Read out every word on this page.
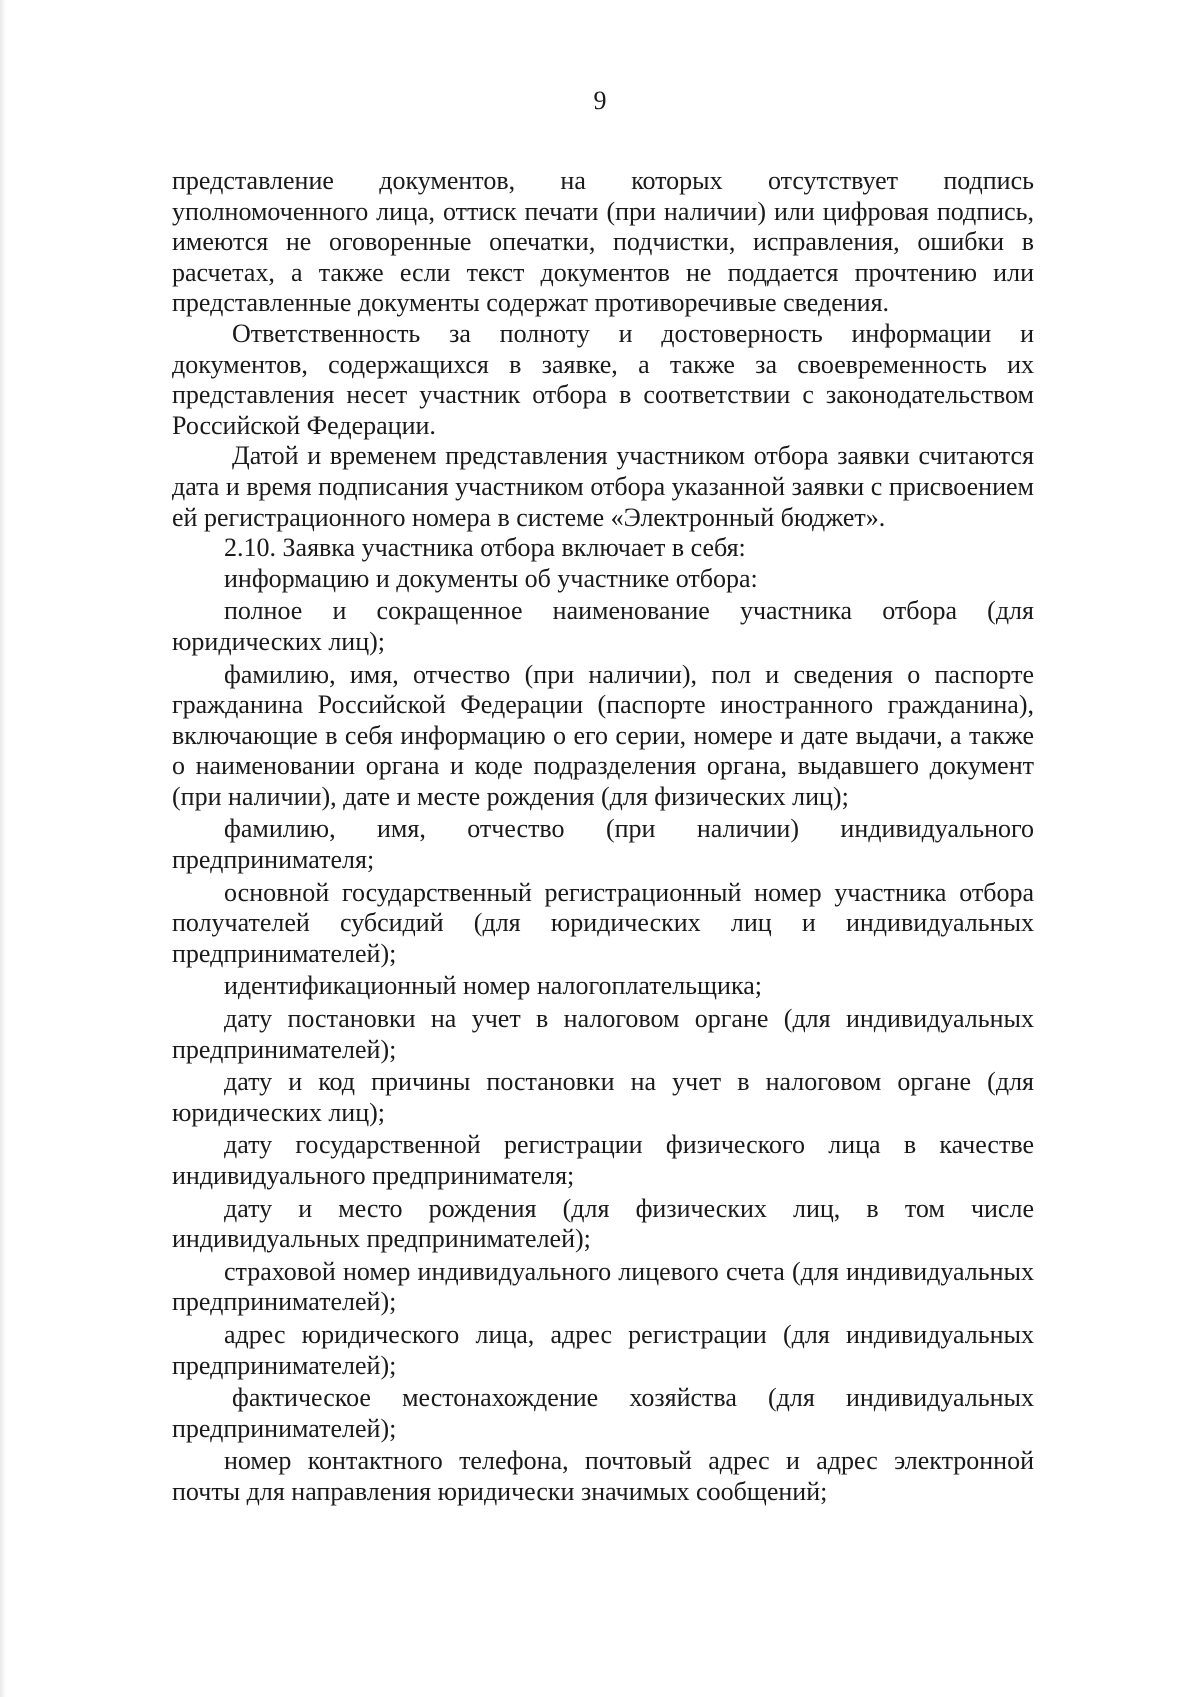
9

представление документов, на которых отсутствует подпись уполномоченного лица, оттиск печати (при наличии) или цифровая подпись, имеются не оговоренные опечатки, подчистки, исправления, ошибки в расчетах, а также если текст документов не поддается прочтению или представленные документы содержат противоречивые сведения.

Ответственность за полноту и достоверность информации и документов, содержащихся в заявке, а также за своевременность их представления несет участник отбора в соответствии с законодательством Российской Федерации.

Датой и временем представления участником отбора заявки считаются дата и время подписания участником отбора указанной заявки с присвоением ей регистрационного номера в системе «Электронный бюджет».

2.10. Заявка участника отбора включает в себя:

информацию и документы об участнике отбора:

полное и сокращенное наименование участника отбора (для юридических лиц);

фамилию, имя, отчество (при наличии), пол и сведения о паспорте гражданина Российской Федерации (паспорте иностранного гражданина), включающие в себя информацию о его серии, номере и дате выдачи, а также о наименовании органа и коде подразделения органа, выдавшего документ (при наличии), дате и месте рождения (для физических лиц);

фамилию, имя, отчество (при наличии) индивидуального предпринимателя;

основной государственный регистрационный номер участника отбора получателей субсидий (для юридических лиц и индивидуальных предпринимателей);

идентификационный номер налогоплательщика;

дату постановки на учет в налоговом органе (для индивидуальных предпринимателей);

дату и код причины постановки на учет в налоговом органе (для юридических лиц);

дату государственной регистрации физического лица в качестве индивидуального предпринимателя;

дату и место рождения (для физических лиц, в том числе индивидуальных предпринимателей);

страховой номер индивидуального лицевого счета (для индивидуальных предпринимателей);

адрес юридического лица, адрес регистрации (для индивидуальных предпринимателей);

фактическое местонахождение хозяйства (для индивидуальных предпринимателей);

номер контактного телефона, почтовый адрес и адрес электронной почты для направления юридически значимых сообщений;
